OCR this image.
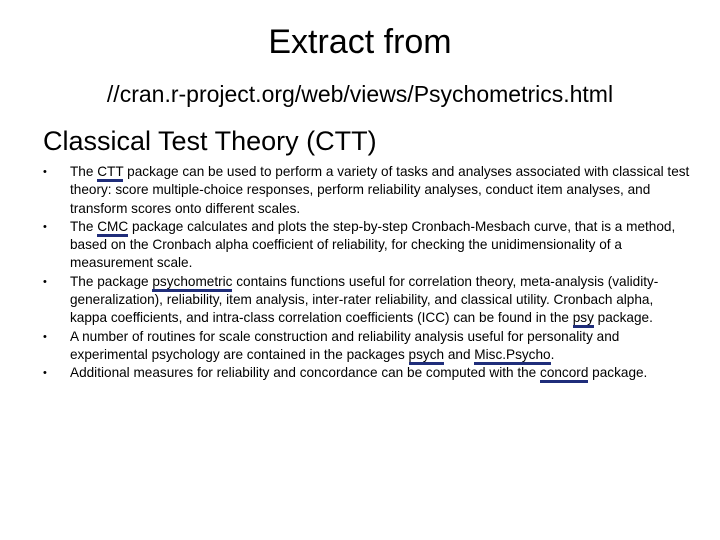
Extract from
//cran.r-project.org/web/views/Psychometrics.html
Classical Test Theory (CTT)
• The CTT package can be used to perform a variety of tasks and analyses associated with classical test theory: score multiple-choice responses, perform reliability analyses, conduct item analyses, and transform scores onto different scales.
• The CMC package calculates and plots the step-by-step Cronbach-Mesbach curve, that is a method, based on the Cronbach alpha coefficient of reliability, for checking the unidimensionality of a measurement scale.
• The package psychometric contains functions useful for correlation theory, meta-analysis (validity-generalization), reliability, item analysis, inter-rater reliability, and classical utility. Cronbach alpha, kappa coefficients, and intra-class correlation coefficients (ICC) can be found in the psy package.
• A number of routines for scale construction and reliability analysis useful for personality and experimental psychology are contained in the packages psych and Misc.Psycho.
• Additional measures for reliability and concordance can be computed with the concord package.
